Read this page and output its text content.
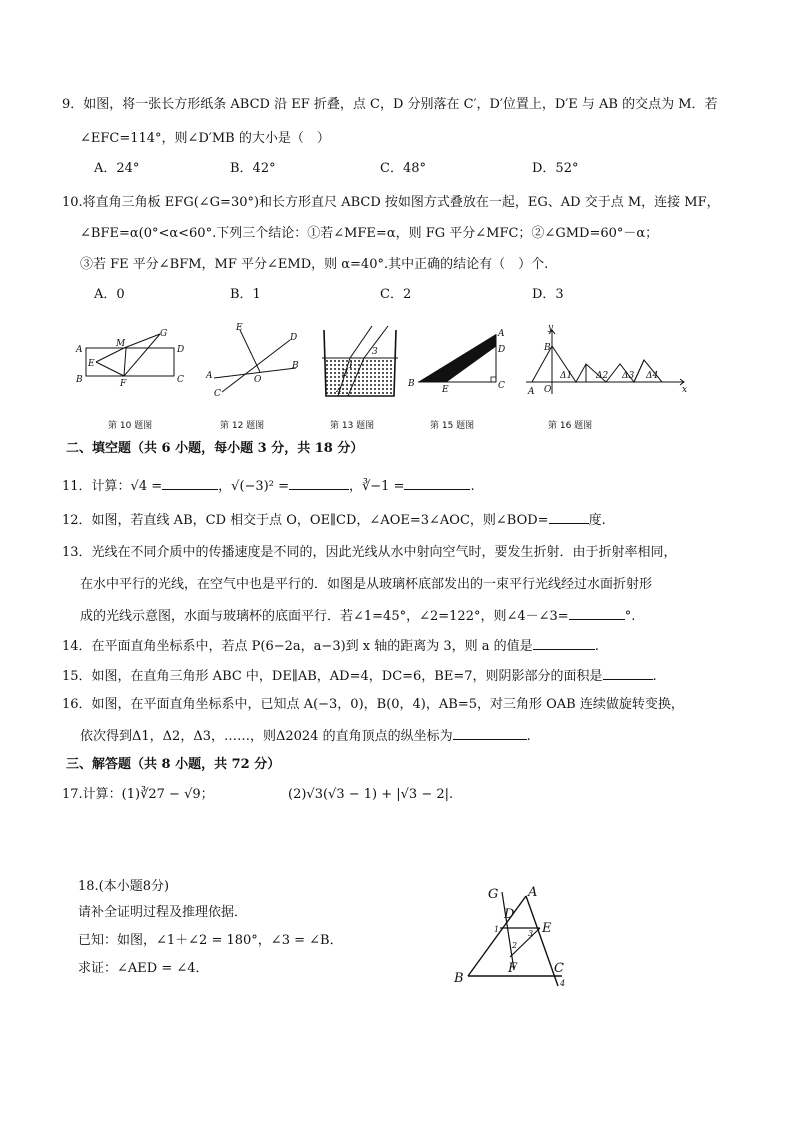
9．如图，将一张长方形纸条 ABCD 沿 EF 折叠，点 C，D 分别落在 C′，D′位置上，D′E 与 AB 的交点为 M．若
∠EFC=114°，则∠D′MB 的大小是（　）
A．24°	B．42°	C．48°	D．52°
10.将直角三角板 EFG(∠G=30°)和长方形直尺 ABCD 按如图方式叠放在一起，EG、AD 交于点 M，连接 MF，
∠BFE=α(0°<α<60°.下列三个结论：①若∠MFE=α，则 FG 平分∠MFC；②∠GMD=60°－α；
③若 FE 平分∠BFM，MF 平分∠EMD，则 α=40°.其中正确的结论有（　）个.
A．0	B．1	C．2	D．3
A
B	C
D
E
F
G
M
第 10 题图
E
A
B
O
C
D
第 12 题图
1
2
3
4
第 13 题图
A
B	C
D
E
第 15 题图
y
B
A O	x
Δ1	Δ2 Δ3 Δ4
第 16 题图
二、填空题（共 6 小题，每小题 3 分，共 18 分）
11．计算：√4 =	，√(−3)² =	，∛−1 =	.
12．如图，若直线 AB，CD 相交于点 O，OE∥CD，∠AOE=3∠AOC，则∠BOD=	度.
13．光线在不同介质中的传播速度是不同的，因此光线从水中射向空气时，要发生折射．由于折射率相同，
在水中平行的光线，在空气中也是平行的．如图是从玻璃杯底部发出的一束平行光线经过水面折射形
成的光线示意图，水面与玻璃杯的底面平行．若∠1=45°，∠2=122°，则∠4－∠3=	°.
14．在平面直角坐标系中，若点 P(6−2a，a−3)到 x 轴的距离为 3，则 a 的值是	.
15．如图，在直角三角形 ABC 中，DE∥AB，AD=4，DC=6，BE=7，则阴影部分的面积是	.
16．如图，在平面直角坐标系中，已知点 A(−3，0)，B(0，4)，AB=5，对三角形 OAB 连续做旋转变换，
依次得到Δ1，Δ2，Δ3，……，则Δ2024 的直角顶点的纵坐标为	.
三、解答题（共 8 小题，共 72 分）
17.计算：(1)∛27 − √9；	(2)√3(√3 − 1) + |√3 − 2|.
18.(本小题8分)
请补全证明过程及推理依据．
已知：如图，∠1＋∠2 = 180°，∠3 = ∠B．
求证：∠AED = ∠4．
G A
D
E
1
2
3
B
F	C
4
